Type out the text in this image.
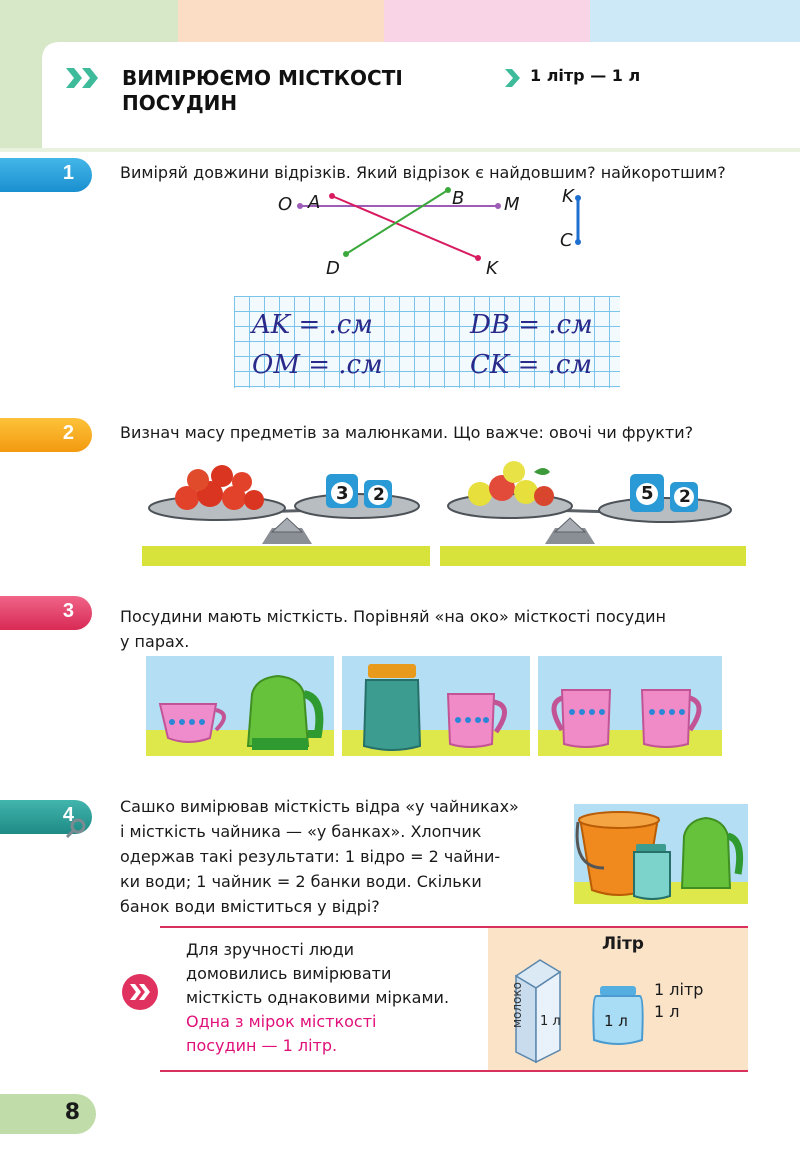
ВИМІРЮЄМО МІСТКОСТІ
ПОСУДИН
1 літр — 1 л
1	Виміряй довжини відрізків. Який відрізок є найдовшим? найкоротшим?
A	B
O	M
D	K
K
C
AK = .см	DB = .см
OM = .см	CK = .см
2	Визнач масу предметів за малюнками. Що важче: овочі чи фрукти?
3 2	5 2
3	Посудини мають місткість. Порівняй «на око» місткості посудин
у парах.
4	Сашко вимірював місткість відра «у чайниках»
і місткість чайника — «у банках». Хлопчик
одержав такі результати: 1 відро = 2 чайни-
ки води; 1 чайник = 2 банки води. Скільки
банок води вміститься у відрі?
Для зручності люди
домовились вимірювати
місткість однаковими мірками.
Одна з мірок місткості
посудин — 1 літр.
Літр
молоко 1 л	1 л
1 літр
1 л
8
